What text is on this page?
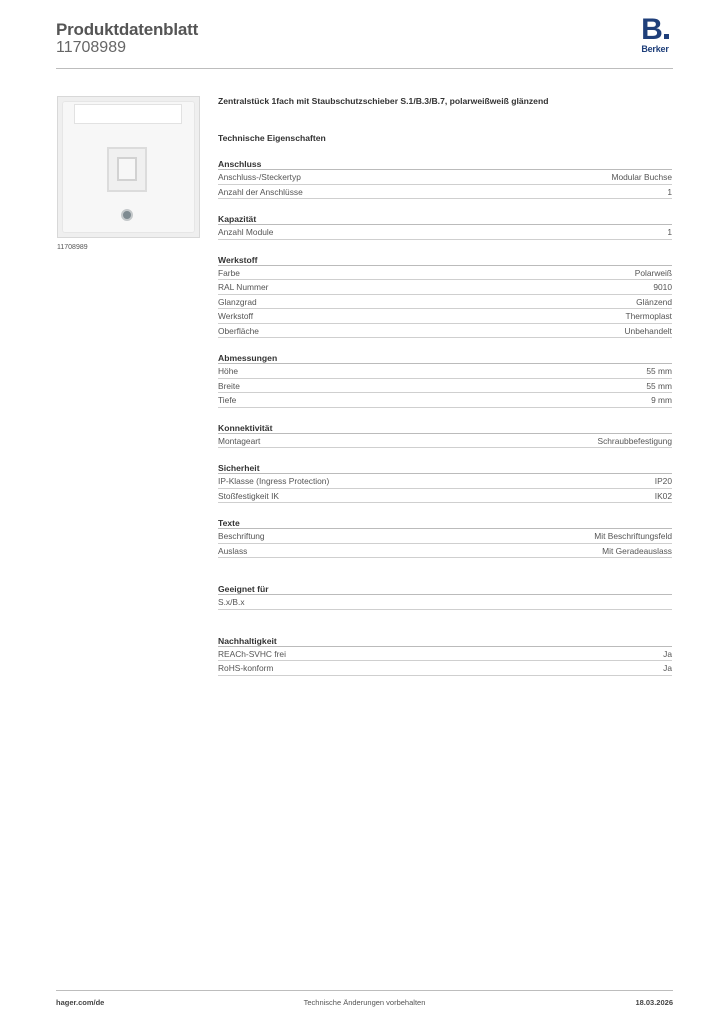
Produktdatenblatt
11708989
B
Berker
11708989
Zentralstück 1fach mit Staubschutzschieber S.1/B.3/B.7, polarweißweiß glänzend
Technische Eigenschaften
Anschluss
Anschluss-/Steckertyp	Modular Buchse
Anzahl der Anschlüsse	1
Kapazität
Anzahl Module	1
Werkstoff
Farbe	Polarweiß
RAL Nummer	9010
Glanzgrad	Glänzend
Werkstoff	Thermoplast
Oberfläche	Unbehandelt
Abmessungen
Höhe	55 mm
Breite	55 mm
Tiefe	9 mm
Konnektivität
Montageart	Schraubbefestigung
Sicherheit
IP-Klasse (Ingress Protection)	IP20
Stoßfestigkeit IK	IK02
Texte
Beschriftung	Mit Beschriftungsfeld
Auslass	Mit Geradeauslass
Geeignet für
S.x/B.x
Nachhaltigkeit
REACh-SVHC frei	Ja
RoHS-konform	Ja
hager.com/de	Technische Änderungen vorbehalten	18.03.2026
